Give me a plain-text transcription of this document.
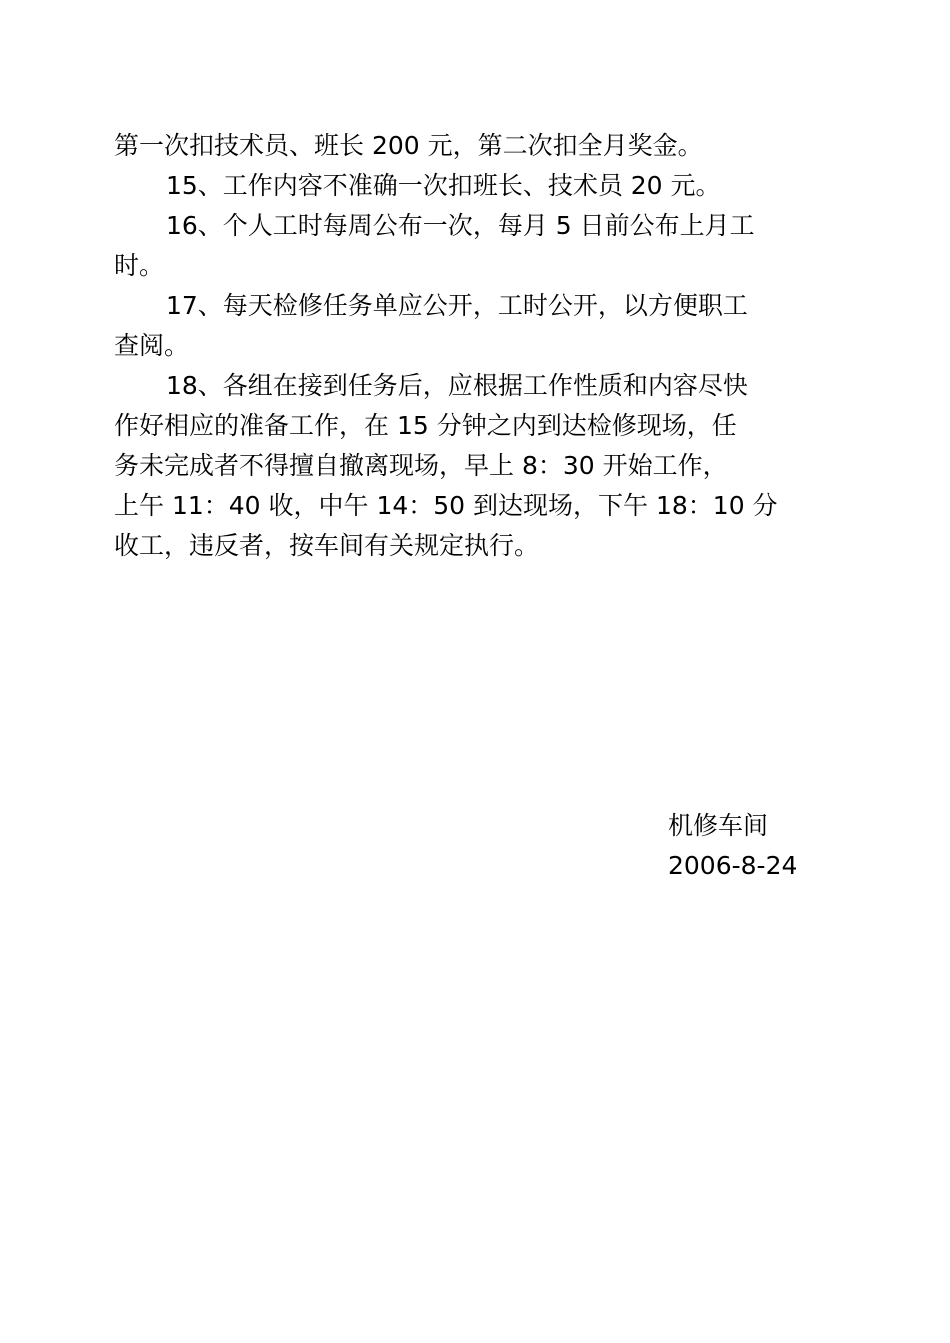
第一次扣技术员、班长 200 元，第二次扣全月奖金。
15、工作内容不准确一次扣班长、技术员 20 元。
16、个人工时每周公布一次，每月 5 日前公布上月工
时。
17、每天检修任务单应公开，工时公开，以方便职工
查阅。
18、各组在接到任务后，应根据工作性质和内容尽快
作好相应的准备工作，在 15 分钟之内到达检修现场，任
务未完成者不得擅自撤离现场，早上 8：30 开始工作，
上午 11：40 收，中午 14：50 到达现场，下午 18：10 分
收工，违反者，按车间有关规定执行。
机修车间
2006-8-24
